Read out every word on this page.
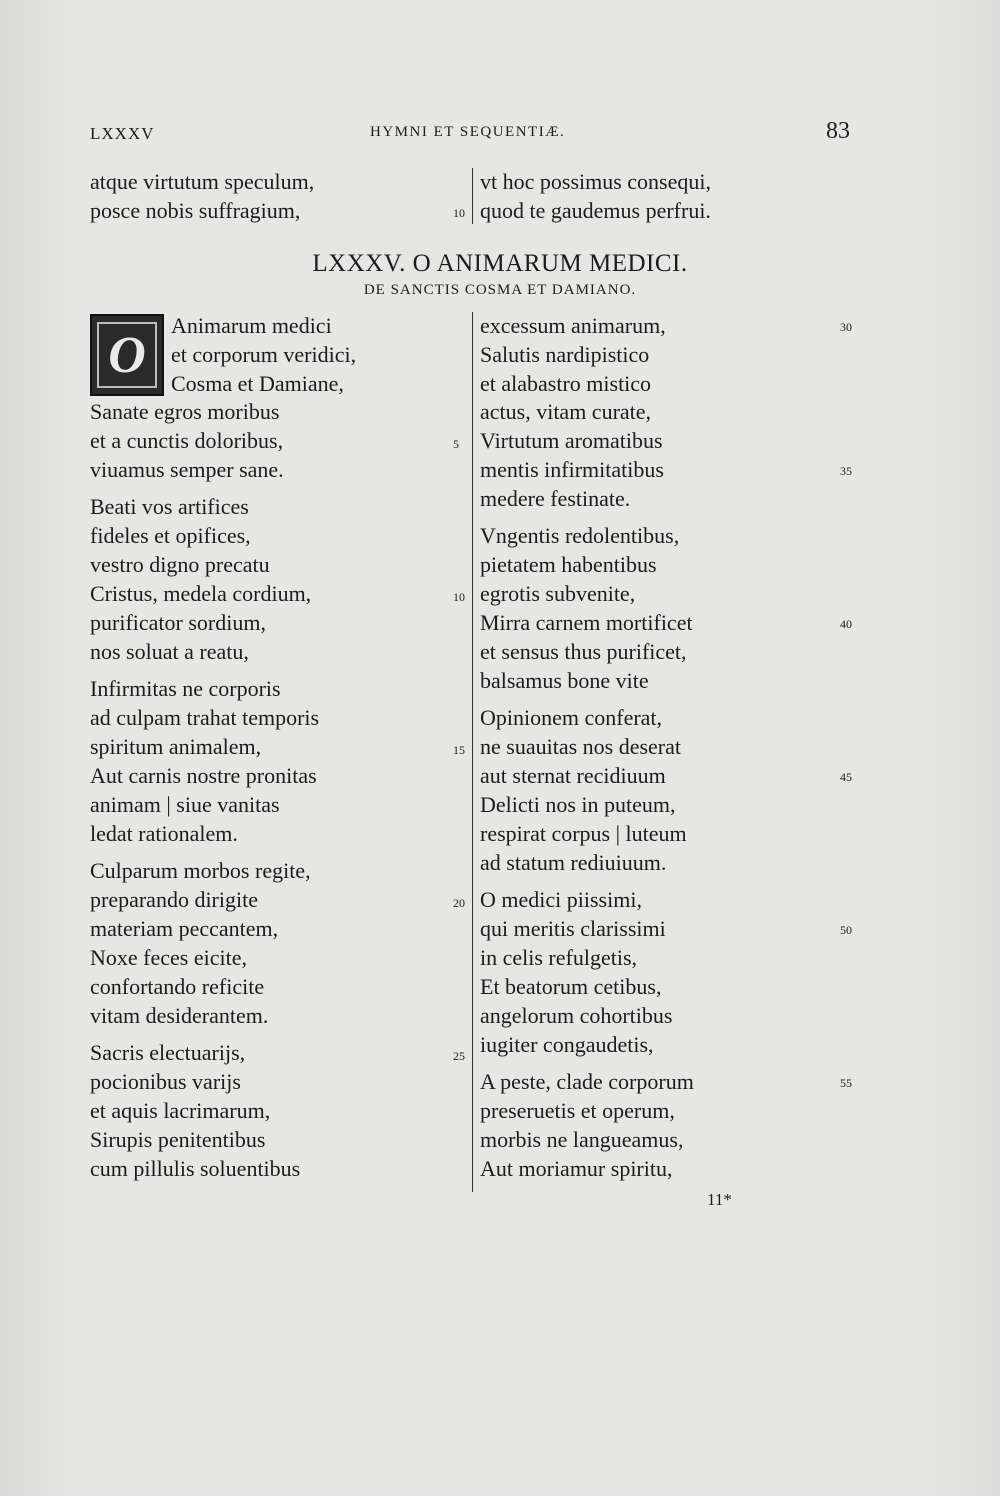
LXXXV	HYMNI ET SEQUENTIÆ.	83
atque virtutum speculum,
posce nobis suffragium,	10
vt hoc possimus consequi,
quod te gaudemus perfrui.
LXXXV. O ANIMARUM MEDICI.
DE SANCTIS COSMA ET DAMIANO.
O
Animarum medici
et corporum veridici,
Cosma et Damiane,
Sanate egros moribus
et a cunctis doloribus,
viuamus semper sane.
Beati vos artifices
fideles et opifices,
vestro digno precatu
Cristus, medela cordium,
purificator sordium,
nos soluat a reatu,
Infirmitas ne corporis
ad culpam trahat temporis
spiritum animalem,
Aut carnis nostre pronitas
animam | siue vanitas
ledat rationalem.
Culparum morbos regite,
preparando dirigite
materiam peccantem,
Noxe feces eicite,
confortando reficite
vitam desiderantem.
Sacris electuarijs,
pocionibus varijs
et aquis lacrimarum,
Sirupis penitentibus
cum pillulis soluentibus
5
10
15
20
25
excessum animarum,
Salutis nardipistico
et alabastro mistico
actus, vitam curate,
Virtutum aromatibus
mentis infirmitatibus
medere festinate.
Vngentis redolentibus,
pietatem habentibus
egrotis subvenite,
Mirra carnem mortificet
et sensus thus purificet,
balsamus bone vite
Opinionem conferat,
ne suauitas nos deserat
aut sternat recidiuum
Delicti nos in puteum,
respirat corpus | luteum
ad statum rediuiuum.
O medici piissimi,
qui meritis clarissimi
in celis refulgetis,
Et beatorum cetibus,
angelorum cohortibus
iugiter congaudetis,
A peste, clade corporum
preseruetis et operum,
morbis ne langueamus,
Aut moriamur spiritu,
30
35
40
45
50
55
11*
